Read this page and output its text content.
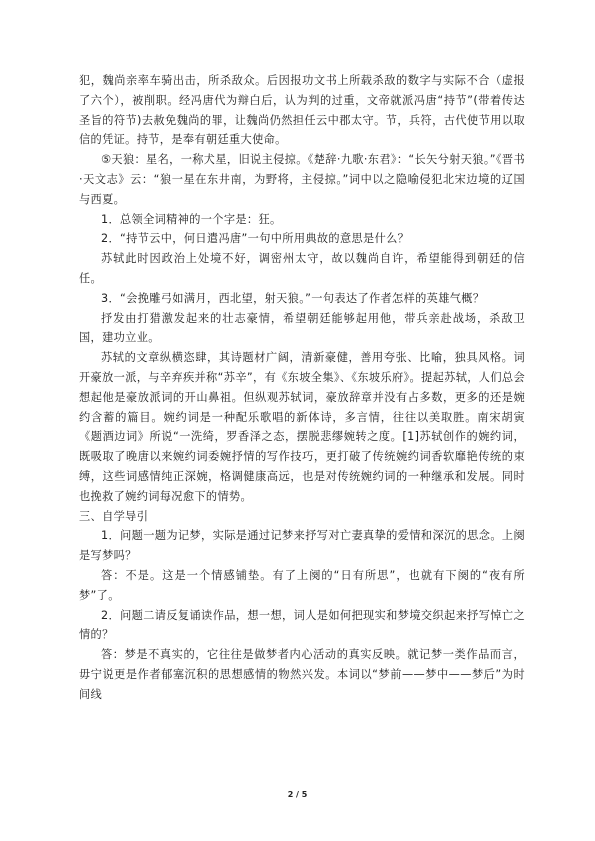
犯，魏尚亲率车骑出击，所杀敌众。后因报功文书上所载杀敌的数字与实际不合（虚报了六个），被削职。经冯唐代为辩白后，认为判的过重，文帝就派冯唐“持节”(带着传达圣旨的符节)去赦免魏尚的罪，让魏尚仍然担任云中郡太守。节，兵符，古代使节用以取信的凭证。持节，是奉有朝廷重大使命。

⑤天狼：星名，一称犬星，旧说主侵掠。《楚辞·九歌·东君》：“长矢兮射天狼。”《晋书·天文志》云：“狼一星在东井南，为野将，主侵掠。”词中以之隐喻侵犯北宋边境的辽国与西夏。

1．总领全词精神的一个字是：狂。

2．“持节云中，何日遣冯唐”一句中所用典故的意思是什么？

苏轼此时因政治上处境不好，调密州太守，故以魏尚自许，希望能得到朝廷的信任。

3．“会挽雕弓如满月，西北望，射天狼。”一句表达了作者怎样的英雄气概？

抒发由打猎激发起来的壮志豪情，希望朝廷能够起用他，带兵亲赴战场，杀敌卫国，建功立业。

苏轼的文章纵横恣肆，其诗题材广阔，清新豪健，善用夸张、比喻，独具风格。词开豪放一派，与辛弃疾并称“苏辛”，有《东坡全集》、《东坡乐府》。提起苏轼，人们总会想起他是豪放派词的开山鼻祖。但纵观苏轼词，豪放辞章并没有占多数，更多的还是婉约含蓄的篇目。婉约词是一种配乐歌唱的新体诗，多言情，往往以美取胜。南宋胡寅《题酒边词》所说“一洗绮，罗香泽之态，摆脱悲缪婉转之度。[1]苏轼创作的婉约词，既吸取了晚唐以来婉约词委婉抒情的写作技巧，更打破了传统婉约词香软靡艳传统的束缚，这些词感情纯正深婉，格调健康高远，也是对传统婉约词的一种继承和发展。同时也挽救了婉约词每况愈下的情势。

三、自学导引

1．问题一题为记梦，实际是通过记梦来抒写对亡妻真挚的爱情和深沉的思念。上阕是写梦吗？

答：不是。这是一个情感铺垫。有了上阕的“日有所思”，也就有下阕的“夜有所梦”了。

2．问题二请反复诵读作品，想一想，词人是如何把现实和梦境交织起来抒写悼亡之情的？

答：梦是不真实的，它往往是做梦者内心活动的真实反映。就记梦一类作品而言，毋宁说更是作者郁塞沉积的思想感情的物然兴发。本词以“梦前——梦中——梦后”为时间线

2 / 5
